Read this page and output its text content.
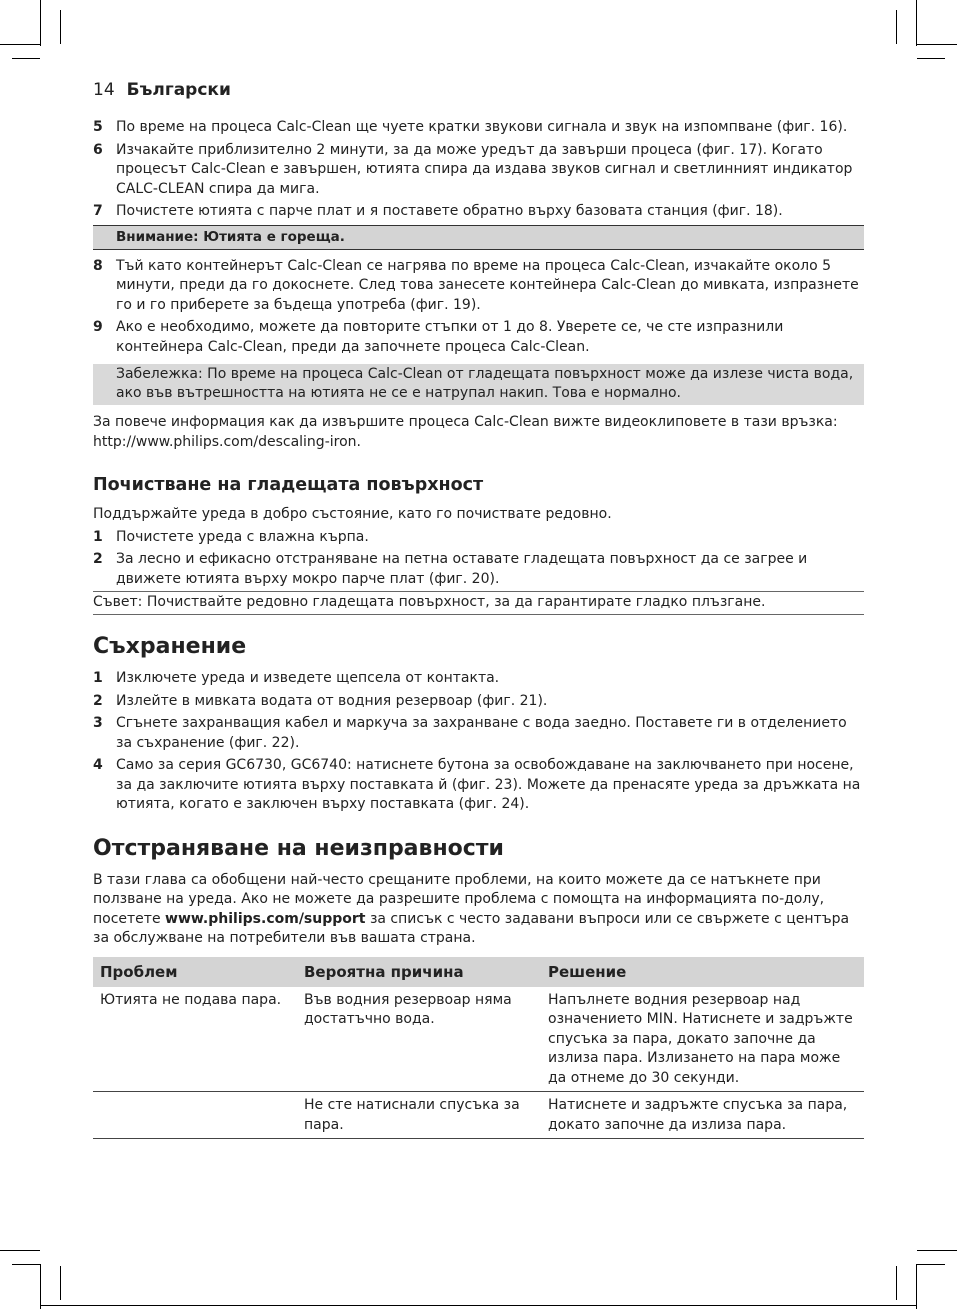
14 Български
5 По време на процеса Calc-Clean ще чуете кратки звукови сигнала и звук на изпомпване (фиг. 16).
6 Изчакайте приблизително 2 минути, за да може уредът да завърши процеса (фиг. 17). Когато процесът Calc-Clean е завършен, ютията спира да издава звуков сигнал и светлинният индикатор CALC-CLEAN спира да мига.
7 Почистете ютията с парче плат и я поставете обратно върху базовата станция (фиг. 18).
Внимание: Ютията е гореща.
8 Тъй като контейнерът Calc-Clean се нагрява по време на процеса Calc-Clean, изчакайте около 5 минути, преди да го докоснете. След това занесете контейнера Calc-Clean до мивката, изпразнете го и го приберете за бъдеща употреба (фиг. 19).
9 Ако е необходимо, можете да повторите стъпки от 1 до 8. Уверете се, че сте изпразнили контейнера Calc-Clean, преди да започнете процеса Calc-Clean.
Забележка: По време на процеса Calc-Clean от гладещата повърхност може да излезе чиста вода, ако във вътрешността на ютията не се е натрупал накип. Това е нормално.
За повече информация как да извършите процеса Calc-Clean вижте видеоклиповете в тази връзка: http://www.philips.com/descaling-iron.
Почистване на гладещата повърхност
Поддържайте уреда в добро състояние, като го почиствате редовно.
1 Почистете уреда с влажна кърпа.
2 За лесно и ефикасно отстраняване на петна оставате гладещата повърхност да се загрее и движете ютията върху мокро парче плат (фиг. 20).
Съвет: Почиствайте редовно гладещата повърхност, за да гарантирате гладко плъзгане.
Съхранение
1 Изключете уреда и изведете щепсела от контакта.
2 Излейте в мивката водата от водния резервоар (фиг. 21).
3 Сгънете захранващия кабел и маркуча за захранване с вода заедно. Поставете ги в отделението за съхранение (фиг. 22).
4 Само за серия GC6730, GC6740: натиснете бутона за освобождаване на заключването при носене, за да заключите ютията върху поставката й (фиг. 23). Можете да пренасяте уреда за дръжката на ютията, когато е заключен върху поставката (фиг. 24).
Отстраняване на неизправности
В тази глава са обобщени най-често срещаните проблеми, на които можете да се натъкнете при ползване на уреда. Ако не можете да разрешите проблема с помощта на информацията по-долу, посетете www.philips.com/support за списък с често задавани въпроси или се свържете с центъра за обслужване на потребители във вашата страна.
Проблем	Вероятна причина	Решение
Ютията не подава пара.	Във водния резервоар няма достатъчно вода.	Напълнете водния резервоар над означението MIN. Натиснете и задръжте спусъка за пара, докато започне да излиза пара. Излизането на пара може да отнеме до 30 секунди.
	Не сте натиснали спусъка за пара.	Натиснете и задръжте спусъка за пара, докато започне да излиза пара.
